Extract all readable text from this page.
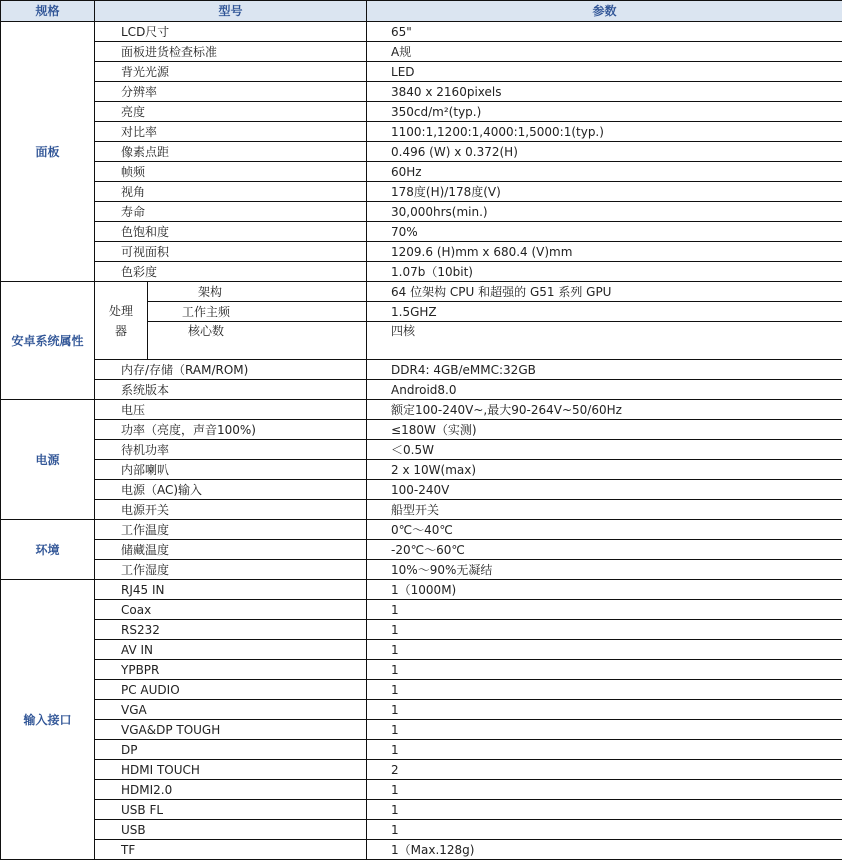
规格	型号		参数
面板	LCD尺寸		65"
	面板进货检查标准		A规
	背光光源		LED
	分辨率		3840 x 2160pixels
	亮度		350cd/m²(typ.)
	对比率		1100:1,1200:1,4000:1,5000:1(typ.)
	像素点距		0.496 (W) x 0.372(H)
	帧频		60Hz
	视角		178度(H)/178度(V)
	寿命		30,000hrs(min.)
	色饱和度		70%
	可视面积		1209.6 (H)mm x 680.4 (V)mm
	色彩度		1.07b（10bit)
安卓系统属性	处理器	架构	64 位架构 CPU 和超强的 G51 系列 GPU
		工作主频	1.5GHZ
		核心数	四核
	内存/存储（RAM/ROM)		DDR4: 4GB/eMMC:32GB
	系统版本		Android8.0
电源	电压		额定100-240V~,最大90-264V~50/60Hz
	功率（亮度，声音100%)		≤180W（实测)
	待机功率		＜0.5W
	内部喇叭		2 x 10W(max)
	电源（AC)输入		100-240V
	电源开关		船型开关
环境	工作温度		0℃～40℃
	储藏温度		-20℃～60℃
	工作湿度		10%～90%无凝结
输入接口	RJ45 IN		1（1000M)
	Coax		1
	RS232		1
	AV IN		1
	YPBPR		1
	PC AUDIO		1
	VGA		1
	VGA&DP TOUGH		1
	DP		1
	HDMI TOUCH		2
	HDMI2.0		1
	USB FL		1
	USB		1
	TF		1（Max.128g)
